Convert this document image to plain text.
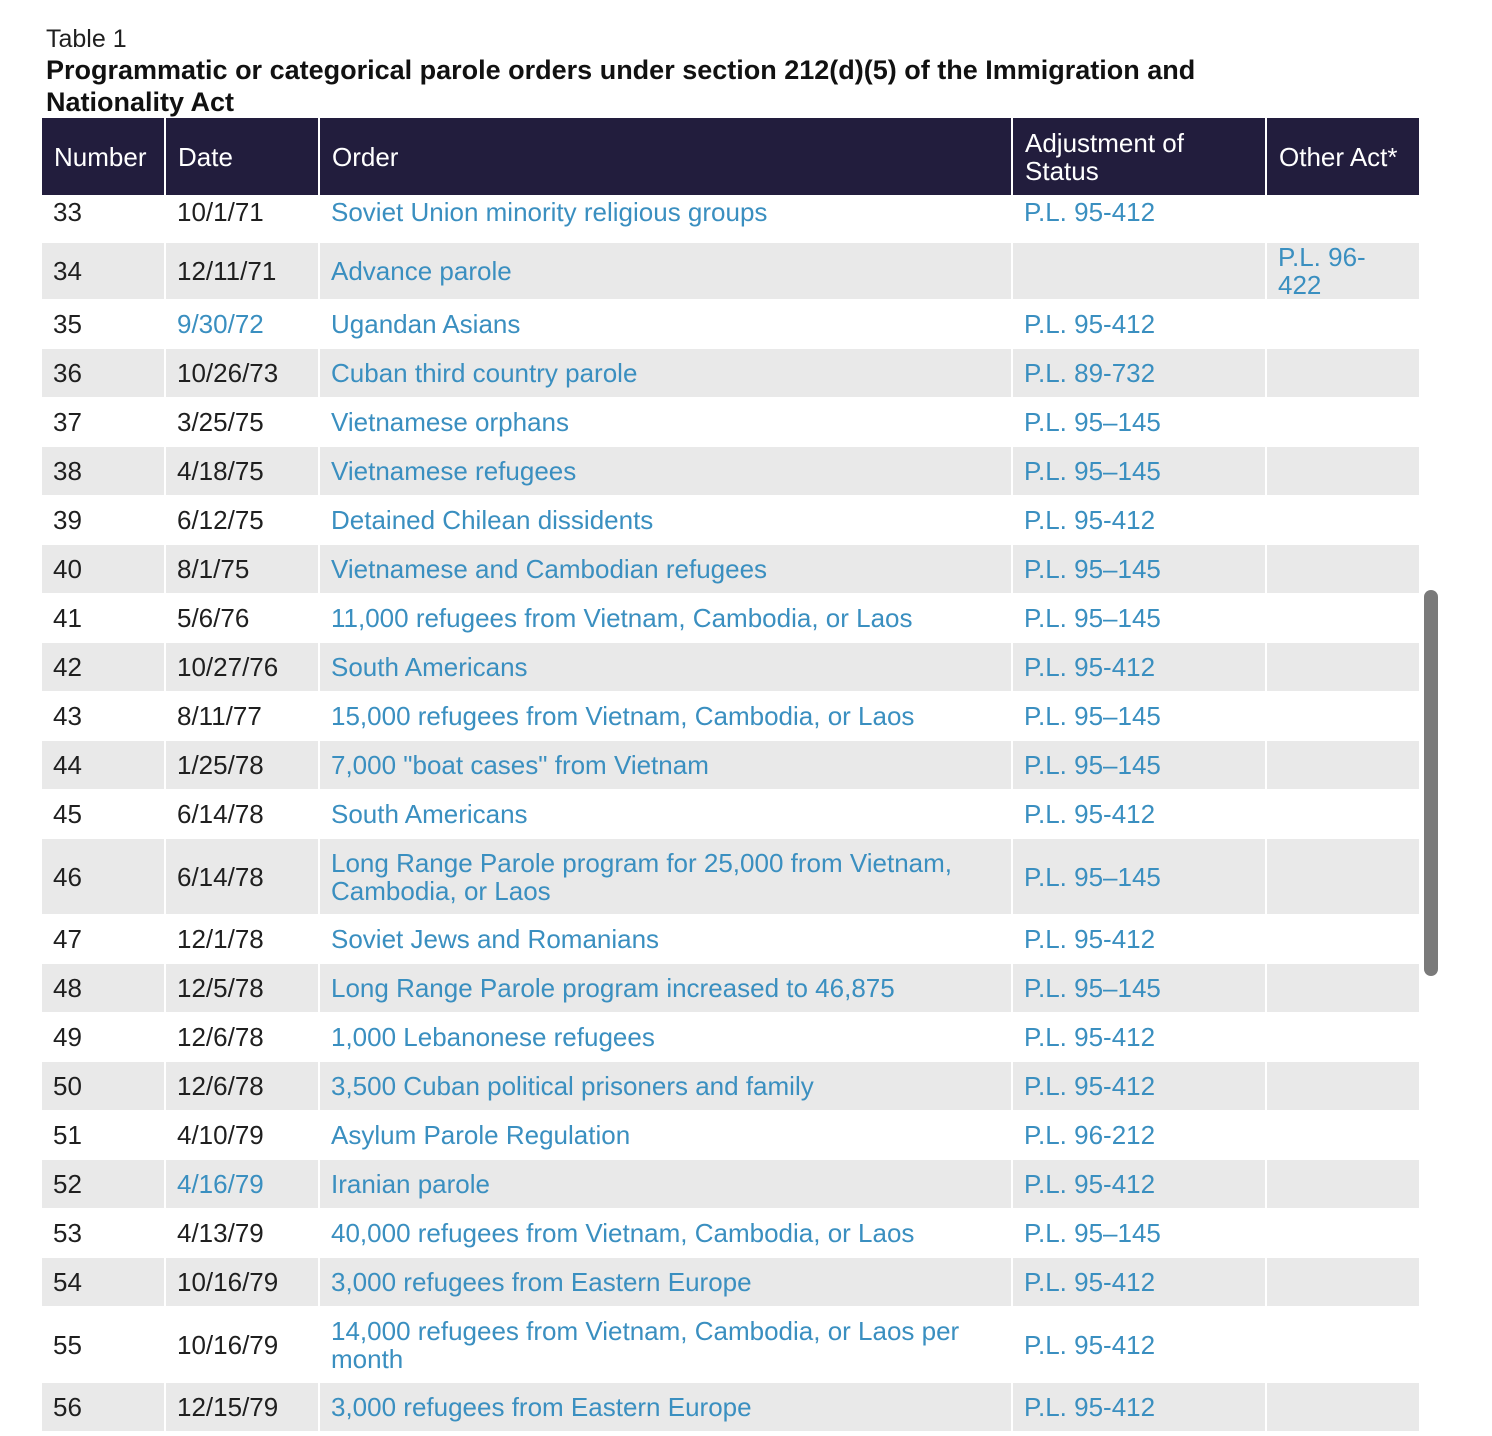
Table 1
Programmatic or categorical parole orders under section 212(d)(5) of the Immigration and Nationality Act
Number	Date	Order	Adjustment of Status	Other Act*
33	10/1/71	Soviet Union minority religious groups	P.L. 95-412	
34	12/11/71	Advance parole		P.L. 96-422
35	9/30/72	Ugandan Asians	P.L. 95-412	
36	10/26/73	Cuban third country parole	P.L. 89-732	
37	3/25/75	Vietnamese orphans	P.L. 95–145	
38	4/18/75	Vietnamese refugees	P.L. 95–145	
39	6/12/75	Detained Chilean dissidents	P.L. 95-412	
40	8/1/75	Vietnamese and Cambodian refugees	P.L. 95–145	
41	5/6/76	11,000 refugees from Vietnam, Cambodia, or Laos	P.L. 95–145	
42	10/27/76	South Americans	P.L. 95-412	
43	8/11/77	15,000 refugees from Vietnam, Cambodia, or Laos	P.L. 95–145	
44	1/25/78	7,000 "boat cases" from Vietnam	P.L. 95–145	
45	6/14/78	South Americans	P.L. 95-412	
46	6/14/78	Long Range Parole program for 25,000 from Vietnam, Cambodia, or Laos	P.L. 95–145	
47	12/1/78	Soviet Jews and Romanians	P.L. 95-412	
48	12/5/78	Long Range Parole program increased to 46,875	P.L. 95–145	
49	12/6/78	1,000 Lebanonese refugees	P.L. 95-412	
50	12/6/78	3,500 Cuban political prisoners and family	P.L. 95-412	
51	4/10/79	Asylum Parole Regulation	P.L. 96-212	
52	4/16/79	Iranian parole	P.L. 95-412	
53	4/13/79	40,000 refugees from Vietnam, Cambodia, or Laos	P.L. 95–145	
54	10/16/79	3,000 refugees from Eastern Europe	P.L. 95-412	
55	10/16/79	14,000 refugees from Vietnam, Cambodia, or Laos per month	P.L. 95-412	
56	12/15/79	3,000 refugees from Eastern Europe	P.L. 95-412	
